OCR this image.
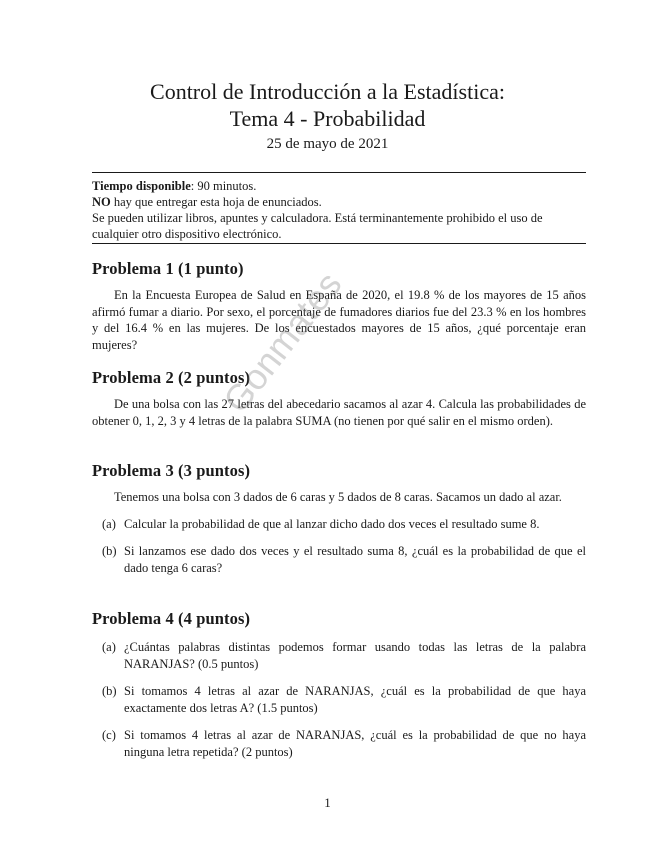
Control de Introducción a la Estadística:
Tema 4 - Probabilidad
25 de mayo de 2021

Tiempo disponible: 90 minutos.

NO hay que entregar esta hoja de enunciados.

Se pueden utilizar libros, apuntes y calculadora. Está terminantemente prohibido el uso de cualquier otro dispositivo electrónico.

Problema 1 (1 punto)

En la Encuesta Europea de Salud en España de 2020, el 19.8 % de los mayores de 15 años afirmó fumar a diario. Por sexo, el porcentaje de fumadores diarios fue del 23.3 % en los hombres y del 16.4 % en las mujeres. De los encuestados mayores de 15 años, ¿qué porcentaje eran mujeres?

Problema 2 (2 puntos)

De una bolsa con las 27 letras del abecedario sacamos al azar 4. Calcula las probabilidades de obtener 0, 1, 2, 3 y 4 letras de la palabra SUMA (no tienen por qué salir en el mismo orden).

Problema 3 (3 puntos)

Tenemos una bolsa con 3 dados de 6 caras y 5 dados de 8 caras. Sacamos un dado al azar.

(a) Calcular la probabilidad de que al lanzar dicho dado dos veces el resultado sume 8.
(b) Si lanzamos ese dado dos veces y el resultado suma 8, ¿cuál es la probabilidad de que el dado tenga 6 caras?
Problema 4 (4 puntos)
(a) ¿Cuántas palabras distintas podemos formar usando todas las letras de la palabra NARANJAS? (0.5 puntos)
(b) Si tomamos 4 letras al azar de NARANJAS, ¿cuál es la probabilidad de que haya exactamente dos letras A? (1.5 puntos)
(c) Si tomamos 4 letras al azar de NARANJAS, ¿cuál es la probabilidad de que no haya ninguna letra repetida? (2 puntos)
1
Gonmates
